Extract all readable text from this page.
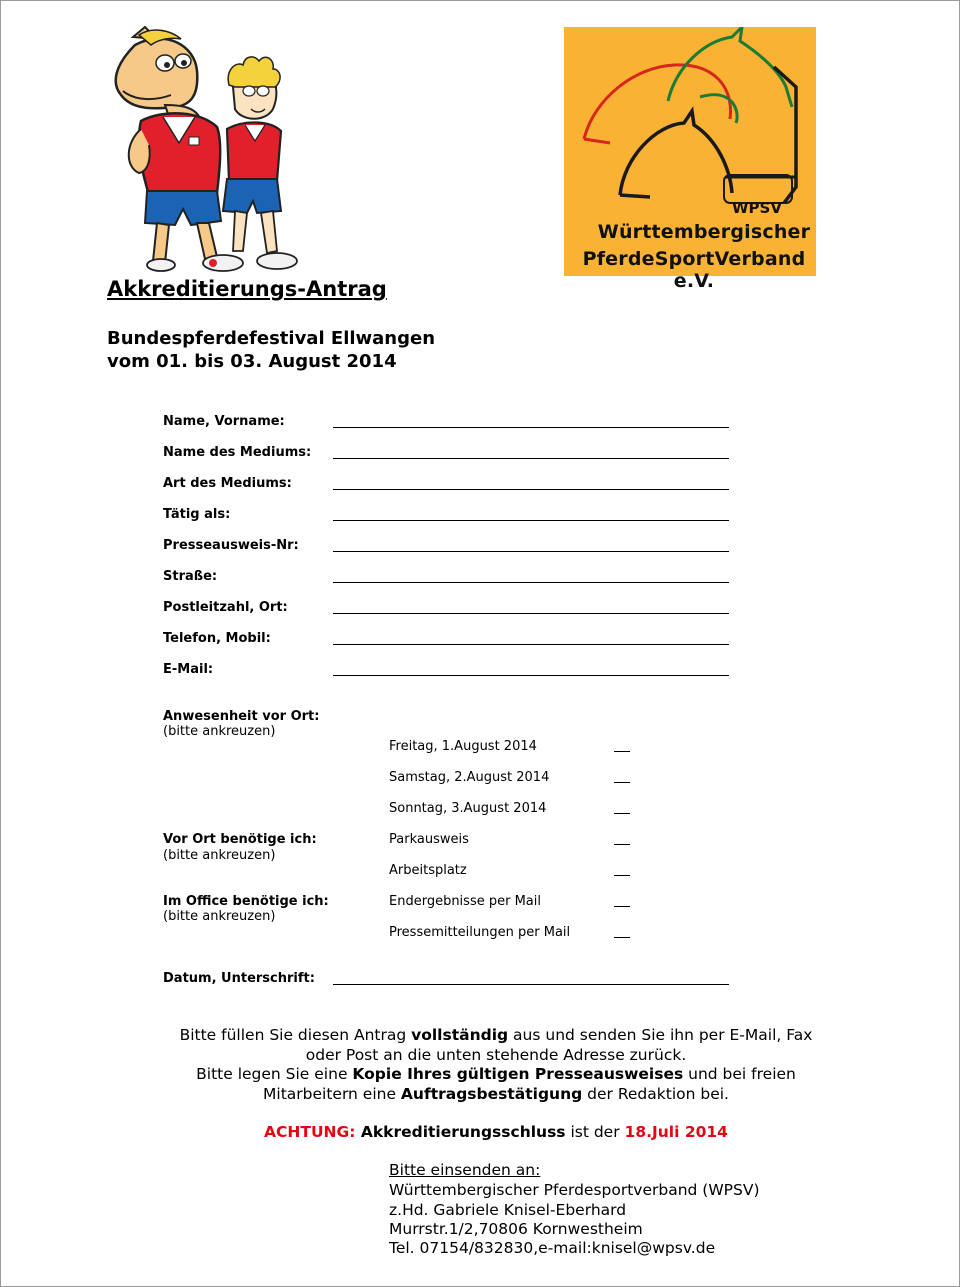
WPSV
Württembergischer
PferdeSportVerband e.V.
Akkreditierungs-Antrag
Bundespferdefestival Ellwangen
vom 01. bis 03. August 2014
Name, Vorname:
Name des Mediums:
Art des Mediums:
Tätig als:
Presseausweis-Nr:
Straße:
Postleitzahl, Ort:
Telefon, Mobil:
E-Mail:
Anwesenheit vor Ort:
(bitte ankreuzen)
Freitag, 1.August 2014
Samstag, 2.August 2014
Sonntag, 3.August 2014
Vor Ort benötige ich:
(bitte ankreuzen)
Parkausweis
Arbeitsplatz
Im Office benötige ich:
(bitte ankreuzen)
Endergebnisse per Mail
Pressemitteilungen per Mail
Datum, Unterschrift:
Bitte füllen Sie diesen Antrag vollständig aus und senden Sie ihn per E-Mail, Fax
oder Post an die unten stehende Adresse zurück.
Bitte legen Sie eine Kopie Ihres gültigen Presseausweises und bei freien
Mitarbeitern eine Auftragsbestätigung der Redaktion bei.
ACHTUNG: Akkreditierungsschluss ist der 18.Juli 2014
Bitte einsenden an:
Württembergischer Pferdesportverband (WPSV)
z.Hd. Gabriele Knisel-Eberhard
Murrstr.1/2,70806 Kornwestheim
Tel. 07154/832830,e-mail:knisel@wpsv.de
